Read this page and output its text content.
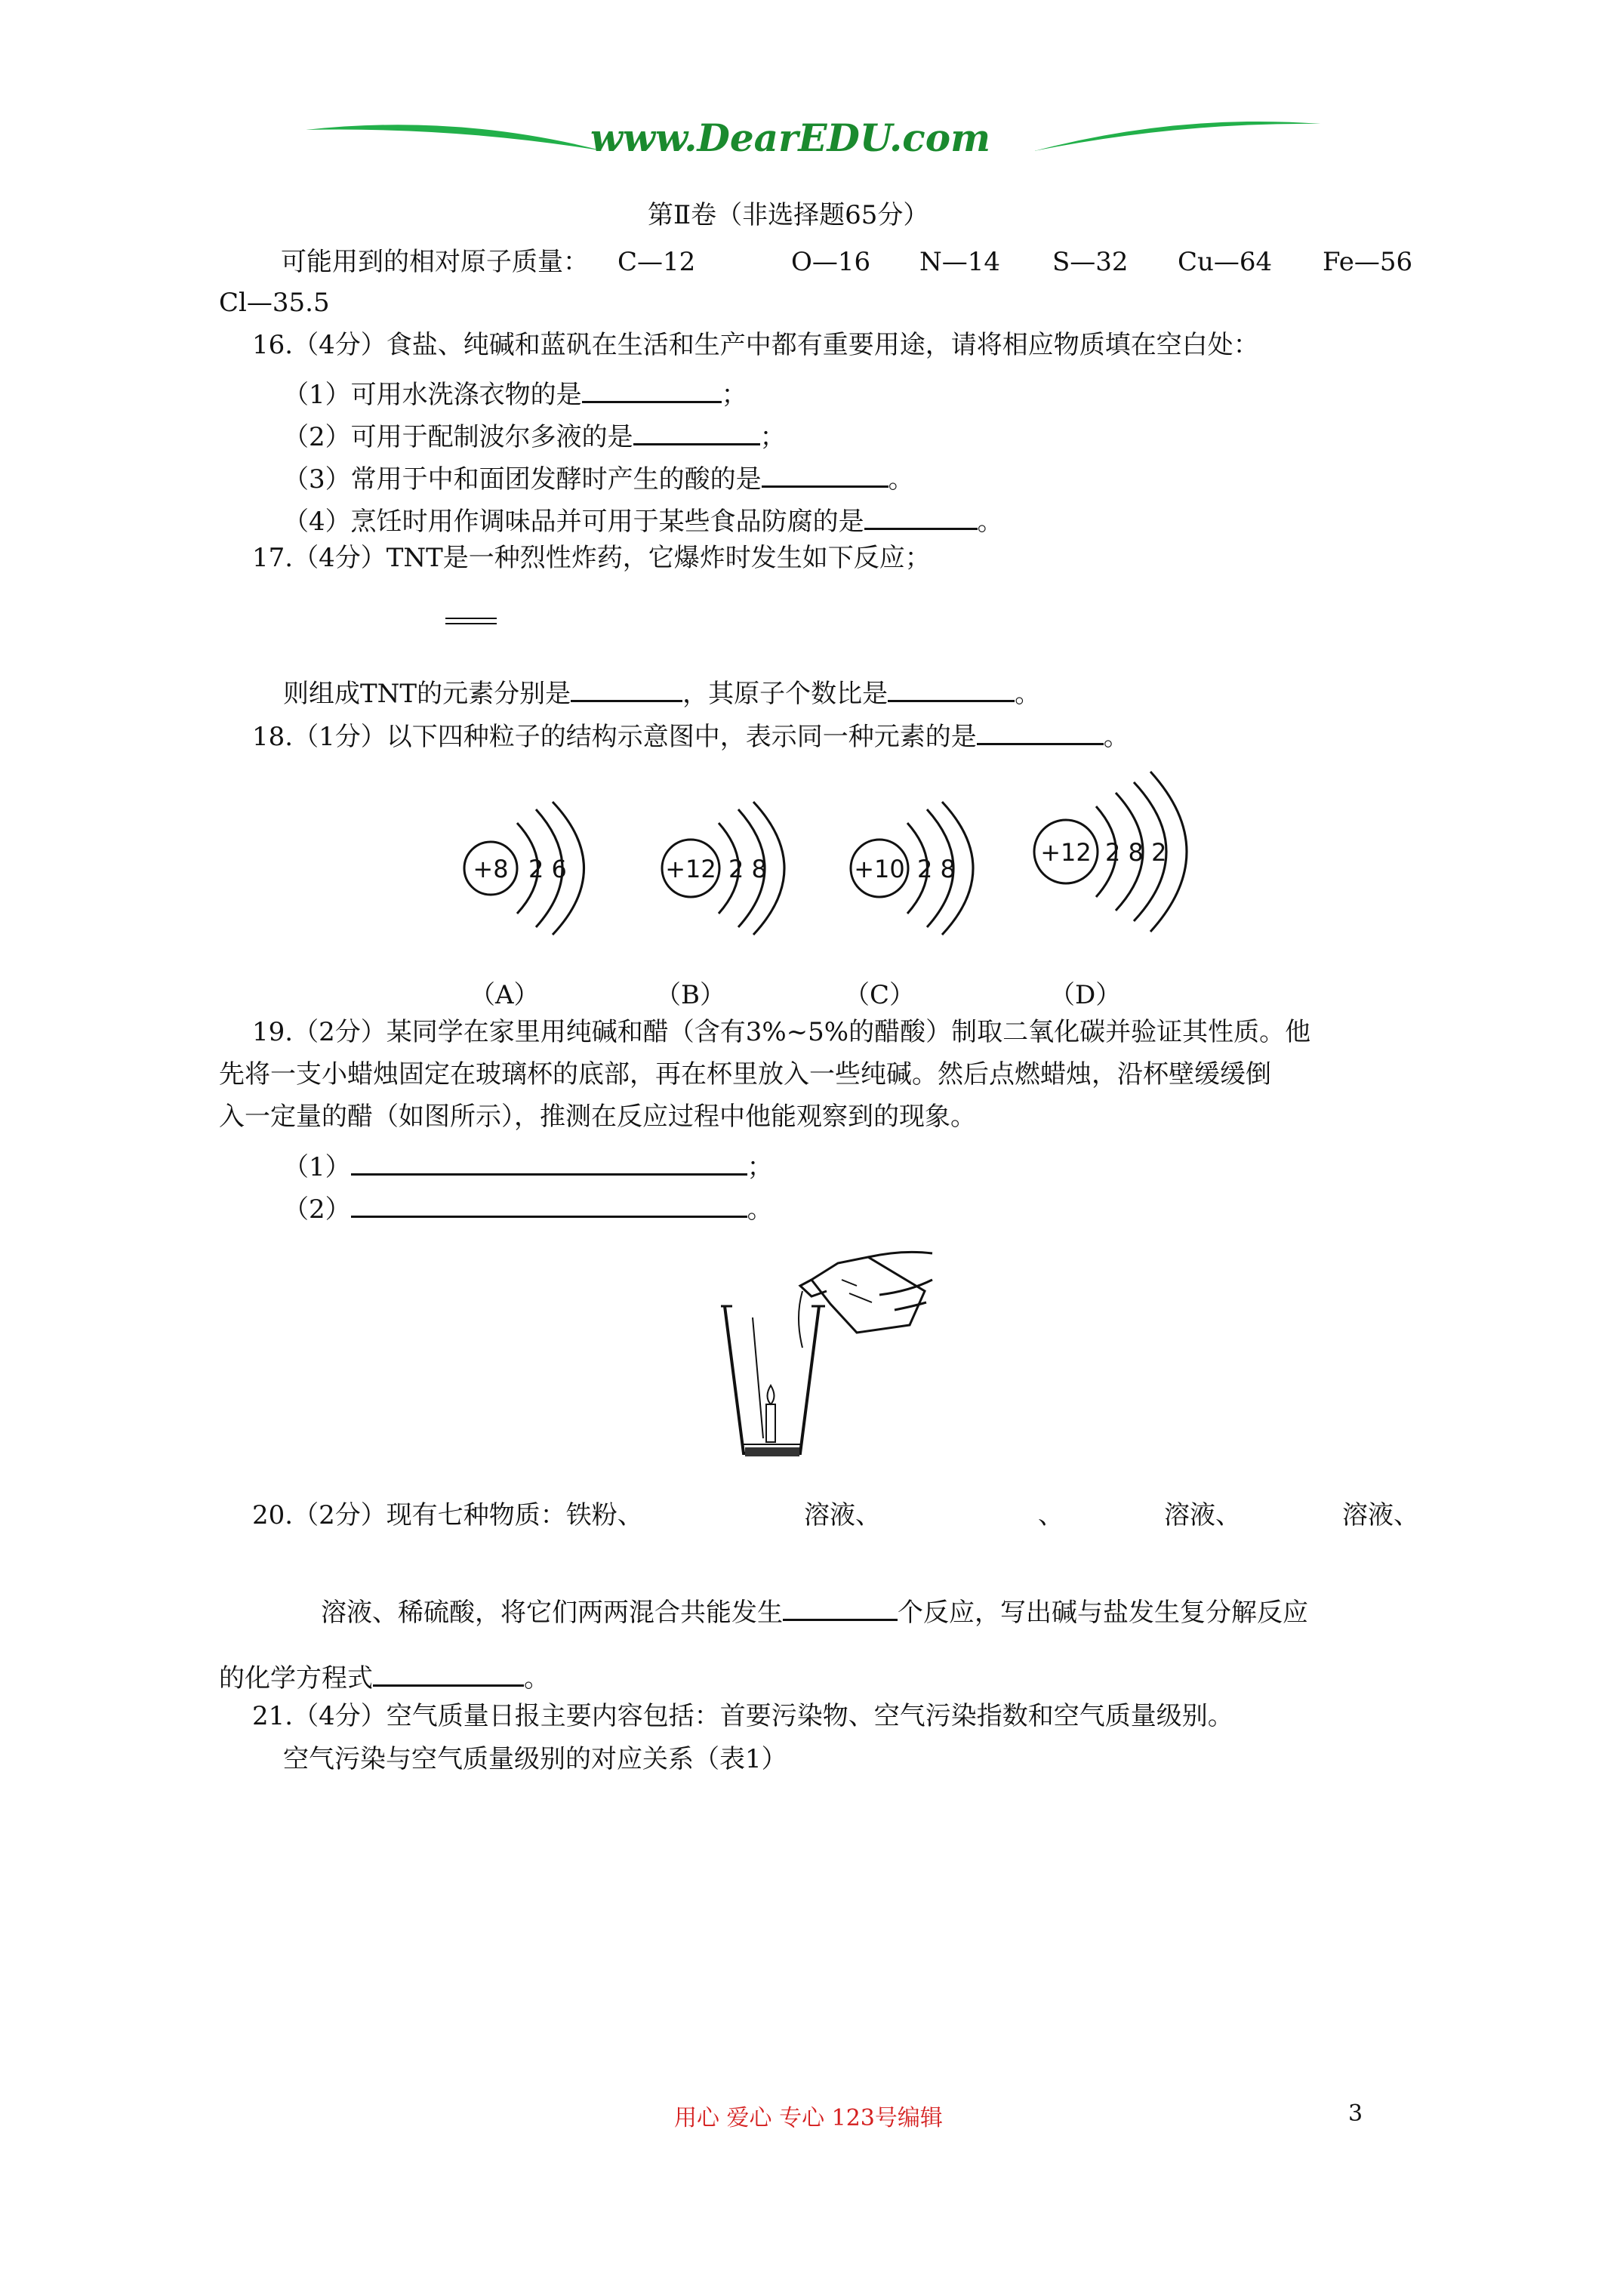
www.DearEDU.com
第Ⅱ卷（非选择题65分）
可能用到的相对原子质量： C—12	O—16 N—14 S—32 Cu—64 Fe—56
Cl—35.5
16.（4分）食盐、纯碱和蓝矾在生活和生产中都有重要用途，请将相应物质填在空白处：
（1）可用水洗涤衣物的是	；
（2）可用于配制波尔多液的是	；
（3）常用于中和面团发酵时产生的酸的是	。
（4）烹饪时用作调味品并可用于某些食品防腐的是	。
17.（4分）TNT是一种烈性炸药，它爆炸时发生如下反应；
则组成TNT的元素分别是	，其原子个数比是	。
18.（1分）以下四种粒子的结构示意图中，表示同一种元素的是	。
+8 2 6	+12 2 8	+10 2 8
+12 2 8 2
（A）	（B）	（C）	（D）
19.（2分）某同学在家里用纯碱和醋（含有3%~5%的醋酸）制取二氧化碳并验证其性质。他
先将一支小蜡烛固定在玻璃杯的底部，再在杯里放入一些纯碱。然后点燃蜡烛，沿杯壁缓缓倒
入一定量的醋（如图所示），推测在反应过程中他能观察到的现象。
（1）	；
（2）	。
20.（2分）现有七种物质：铁粉、	溶液、	、	溶液、	溶液、
溶液、稀硫酸，将它们两两混合共能发生	个反应，写出碱与盐发生复分解反应
的化学方程式	。
21.（4分）空气质量日报主要内容包括：首要污染物、空气污染指数和空气质量级别。
空气污染与空气质量级别的对应关系（表1）
用心 爱心 专心 123号编辑	3
